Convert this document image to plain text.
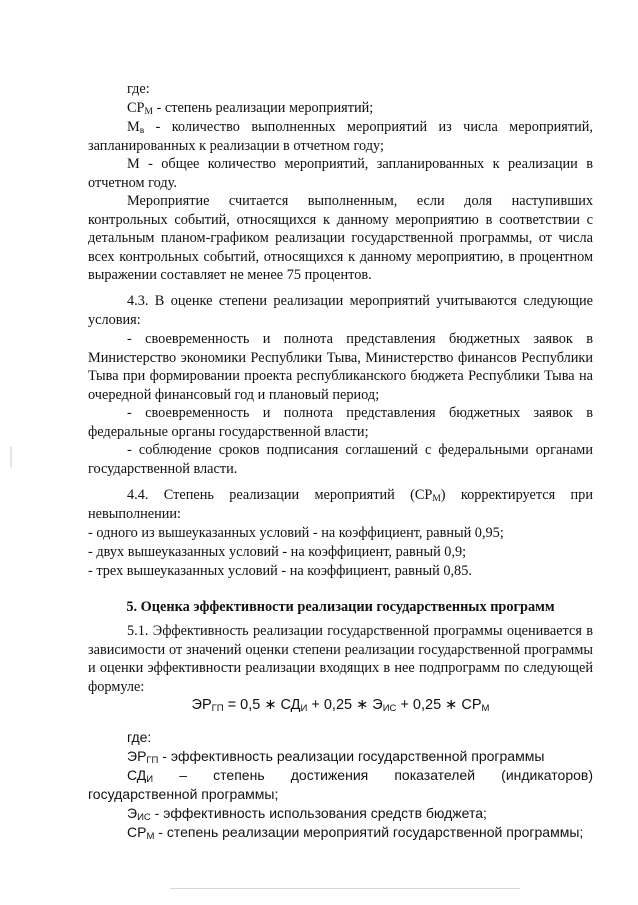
где:

$СР_М$ - степень реализации мероприятий;

$М_в$ - количество выполненных мероприятий из числа мероприятий, запланированных к реализации в отчетном году;

М - общее количество мероприятий, запланированных к реализации в отчетном году.

Мероприятие считается выполненным, если доля наступивших контрольных событий, относящихся к данному мероприятию в соответствии с детальным планом-графиком реализации государственной программы, от числа всех контрольных событий, относящихся к данному мероприятию, в процентном выражении составляет не менее 75 процентов.

4.3. В оценке степени реализации мероприятий учитываются следующие условия:

- своевременность и полнота представления бюджетных заявок в Министерство экономики Республики Тыва, Министерство финансов Республики Тыва при формировании проекта республиканского бюджета Республики Тыва на очередной финансовый год и плановый период;

- своевременность и полнота представления бюджетных заявок в федеральные органы государственной власти;

- соблюдение сроков подписания соглашений с федеральными органами государственной власти.

4.4. Степень реализации мероприятий $(СР_М)$ корректируется при невыполнении:

- одного из вышеуказанных условий - на коэффициент, равный 0,95;

- двух вышеуказанных условий - на коэффициент, равный 0,9;

- трех вышеуказанных условий - на коэффициент, равный 0,85.

5. Оценка эффективности реализации государственных программ

5.1. Эффективность реализации государственной программы оценивается в зависимости от значений оценки степени реализации государственной программы и оценки эффективности реализации входящих в нее подпрограмм по следующей формуле:

$ЭР_{ГП} = 0,5$ ∗ $СД_И + 0,25$ ∗ $Э_{ИС} + 0,25$ ∗ $СР_М$

где:

$ЭР_{ГП}$ - эффективность реализации государственной программы

$СД_И$ – степень достижения показателей (индикаторов) государственной программы;

$Э_{ИС}$ - эффективность использования средств бюджета;

$СР_М$ - степень реализации мероприятий государственной программы;
